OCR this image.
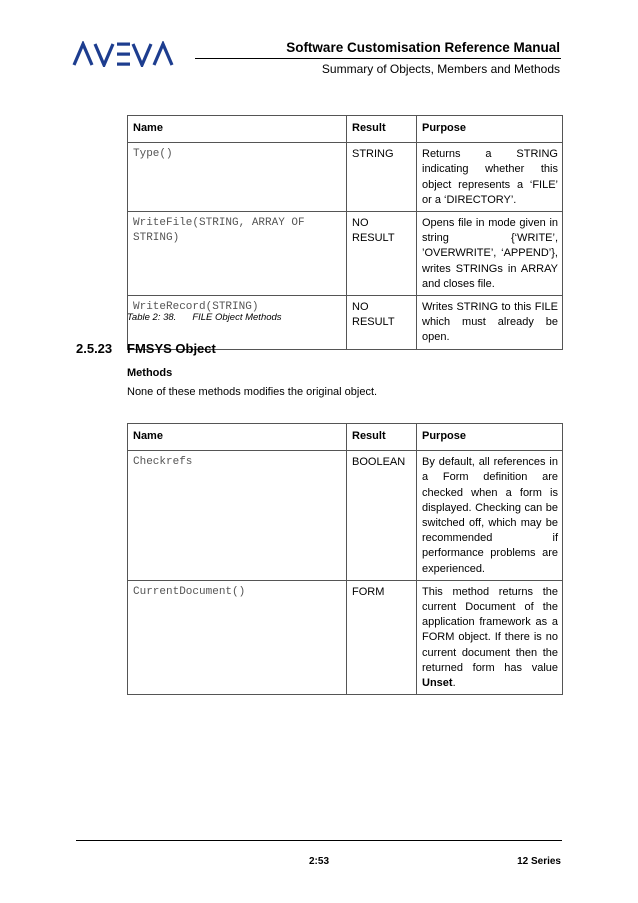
Software Customisation Reference Manual
Summary of Objects, Members and Methods
Name	Result	Purpose
Type()	STRING	Returns a STRING indicating whether this object represents a ‘FILE’ or a ‘DIRECTORY’.
WriteFile(STRING, ARRAY OF STRING)	NO RESULT	Opens file in mode given in string {‘WRITE’, ’OVERWRITE’, ‘APPEND’}, writes STRINGs in ARRAY and closes file.
WriteRecord(STRING)	NO RESULT	Writes STRING to this FILE which must already be open.
Table 2: 38. FILE Object Methods
2.5.23 FMSYS Object
Methods
None of these methods modifies the original object.
Name	Result	Purpose
Checkrefs	BOOLEAN	By default, all references in a Form definition are checked when a form is displayed. Checking can be switched off, which may be recommended if performance problems are experienced.
CurrentDocument()	FORM	This method returns the current Document of the application framework as a FORM object. If there is no current document then the returned form has value Unset.
2:53	12 Series
